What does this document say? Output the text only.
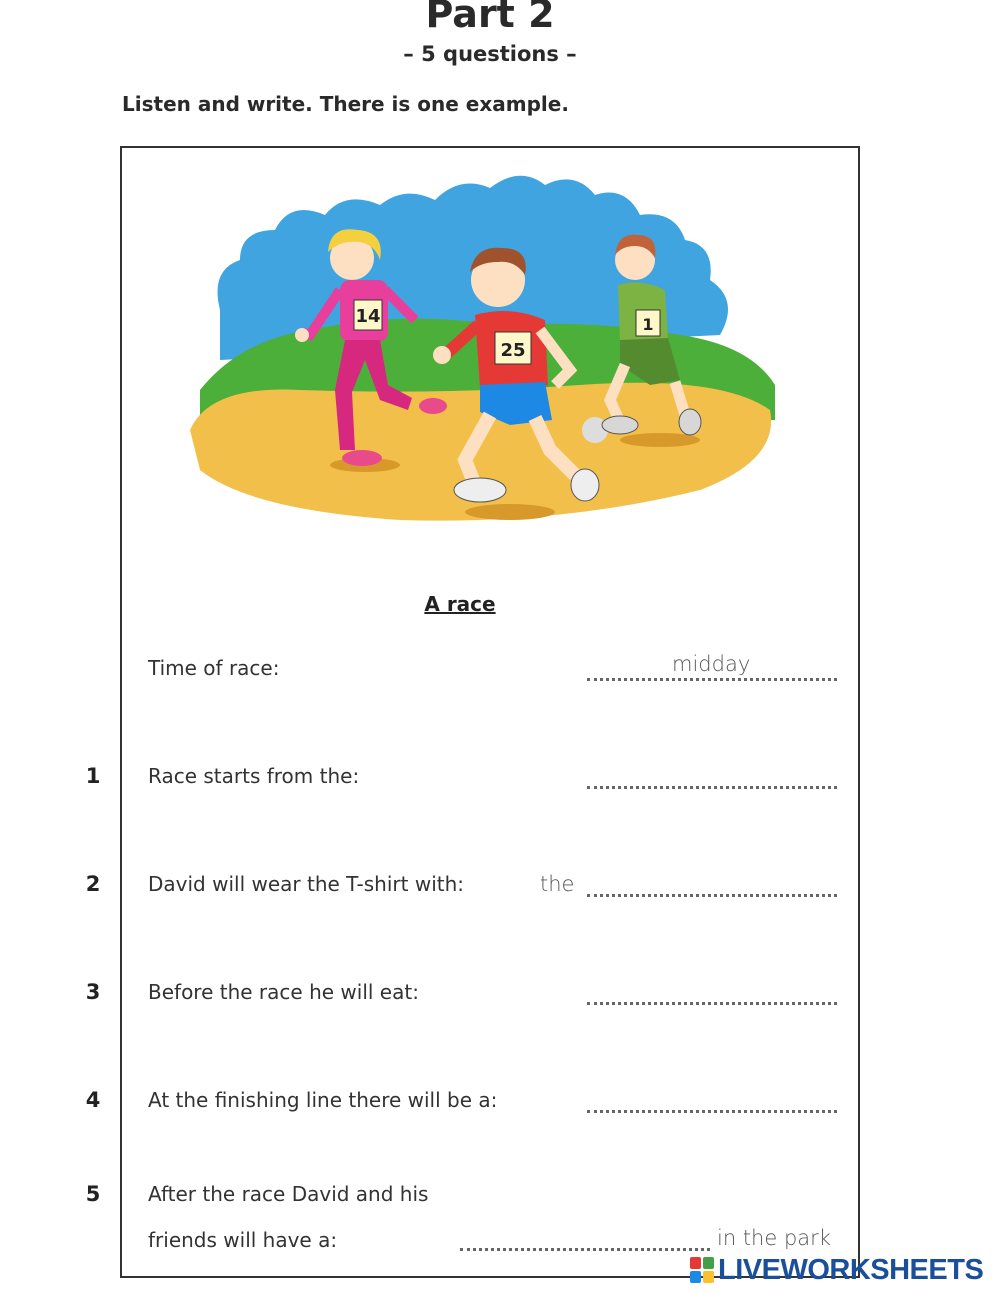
Part 2
– 5 questions –
Listen and write. There is one example.
14
25
1
A race
Time of race:	midday
1	Race starts from the:
2	David will wear the T-shirt with:	the
3	Before the race he will eat:
4	At the finishing line there will be a:
5	After the race David and his
friends will have a:	in the park
LIVEWORKSHEETS
